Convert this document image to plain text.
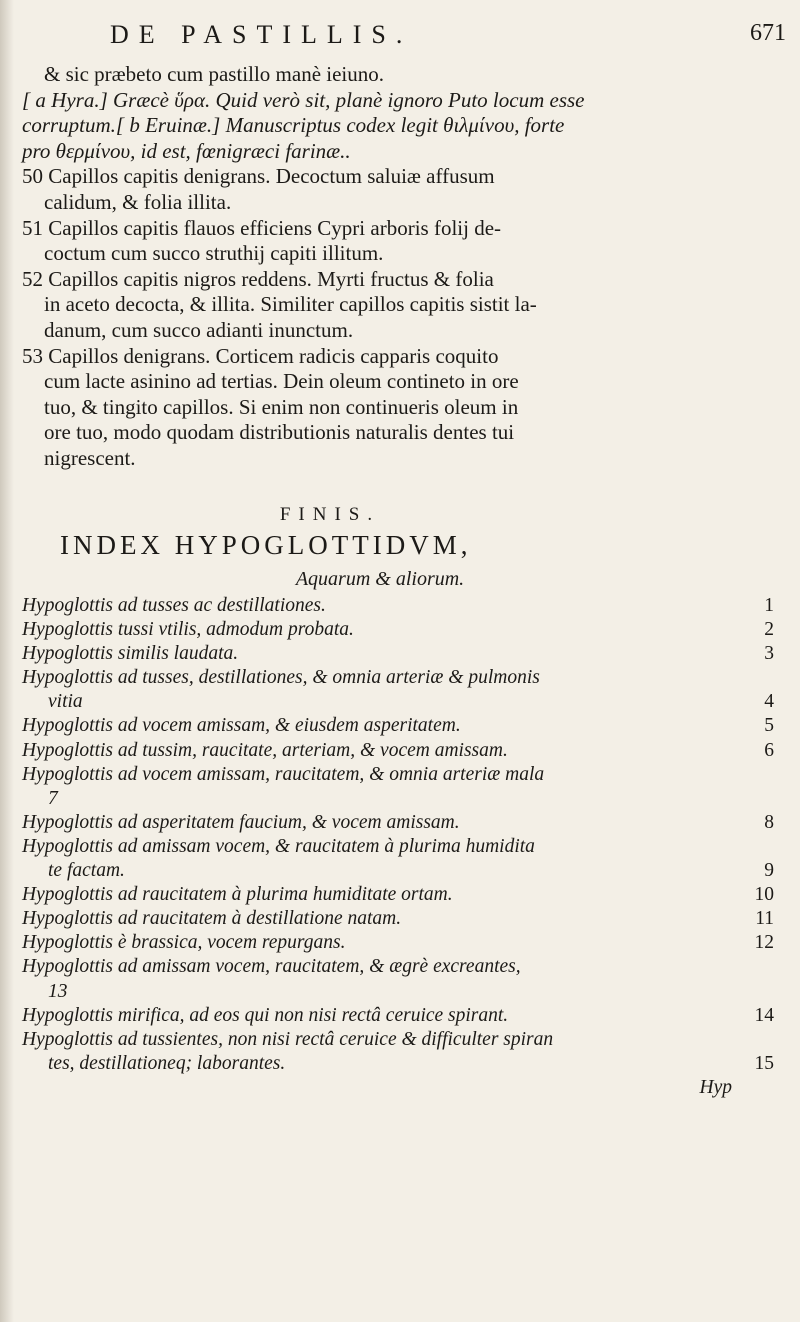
DE PASTILLIS.	671
& sic præbeto cum pastillo manè ieiuno.
[ a Hyra.] Græcè ὕρα. Quid verò sit, planè ignoro Puto locum esse
corruptum.[ b Eruinæ.] Manuscriptus codex legit θιλμίνου, forte
pro θερμίνου, id est, fœnigræci farinæ..
50 Capillos capitis denigrans. Decoctum saluiæ affusum
calidum, & folia illita.
51 Capillos capitis flauos efficiens Cypri arboris folij de-
coctum cum succo struthij capiti illitum.
52 Capillos capitis nigros reddens. Myrti fructus & folia
in aceto decocta, & illita. Similiter capillos capitis sistit la-
danum, cum succo adianti inunctum.
53 Capillos denigrans. Corticem radicis capparis coquito
cum lacte asinino ad tertias. Dein oleum contineto in ore
tuo, & tingito capillos. Si enim non continueris oleum in
ore tuo, modo quodam distributionis naturalis dentes tui
nigrescent.
FINIS.
INDEX HYPOGLOTTIDVM,
Aquarum & aliorum.
Hypoglottis ad tusses ac destillationes.	1
Hypoglottis tussi vtilis, admodum probata.	2
Hypoglottis similis laudata.	3
Hypoglottis ad tusses, destillationes, & omnia arteriæ & pulmonis
vitia	4
Hypoglottis ad vocem amissam, & eiusdem asperitatem.	5
Hypoglottis ad tussim, raucitate, arteriam, & vocem amissam.	6
Hypoglottis ad vocem amissam, raucitatem, & omnia arteriæ mala
7
Hypoglottis ad asperitatem faucium, & vocem amissam.	8
Hypoglottis ad amissam vocem, & raucitatem à plurima humidita
te factam.	9
Hypoglottis ad raucitatem à plurima humiditate ortam.	10
Hypoglottis ad raucitatem à destillatione natam.	11
Hypoglottis è brassica, vocem repurgans.	12
Hypoglottis ad amissam vocem, raucitatem, & ægrè excreantes,
13
Hypoglottis mirifica, ad eos qui non nisi rectâ ceruice spirant.	14
Hypoglottis ad tussientes, non nisi rectâ ceruice & difficulter spiran
tes, destillationeq; laborantes.	15
Hyp
